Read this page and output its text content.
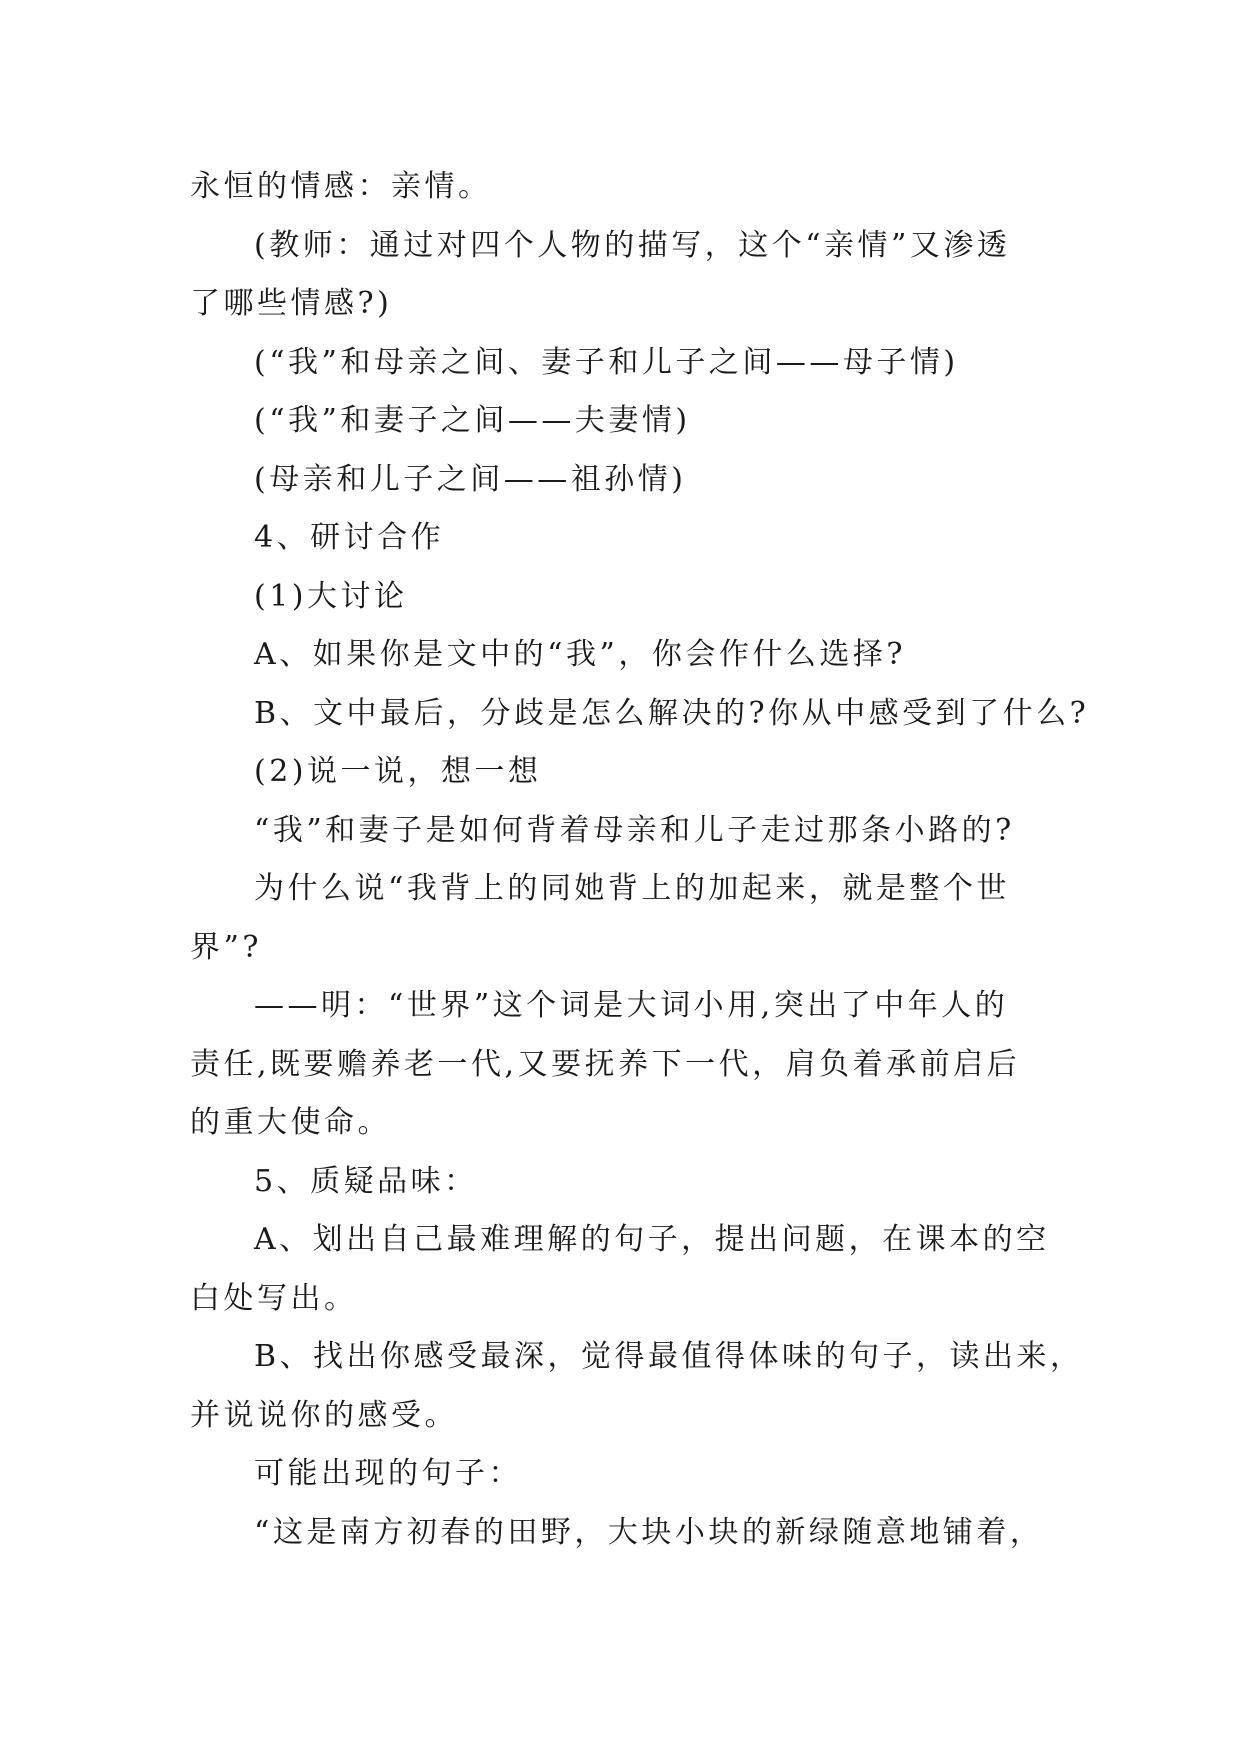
永恒的情感：亲情。
(教师：通过对四个人物的描写，这个“亲情”又渗透
了哪些情感?)
(“我”和母亲之间、妻子和儿子之间——母子情)
(“我”和妻子之间——夫妻情)
(母亲和儿子之间——祖孙情)
4、研讨合作
(1)大讨论
A、如果你是文中的“我”，你会作什么选择?
B、文中最后，分歧是怎么解决的?你从中感受到了什么?
(2)说一说，想一想
“我”和妻子是如何背着母亲和儿子走过那条小路的?
为什么说“我背上的同她背上的加起来，就是整个世
界”?
——明：“世界”这个词是大词小用,突出了中年人的
责任,既要赡养老一代,又要抚养下一代，肩负着承前启后
的重大使命。
5、质疑品味：
A、划出自己最难理解的句子，提出问题，在课本的空
白处写出。
B、找出你感受最深，觉得最值得体味的句子，读出来，
并说说你的感受。
可能出现的句子：
“这是南方初春的田野，大块小块的新绿随意地铺着，
